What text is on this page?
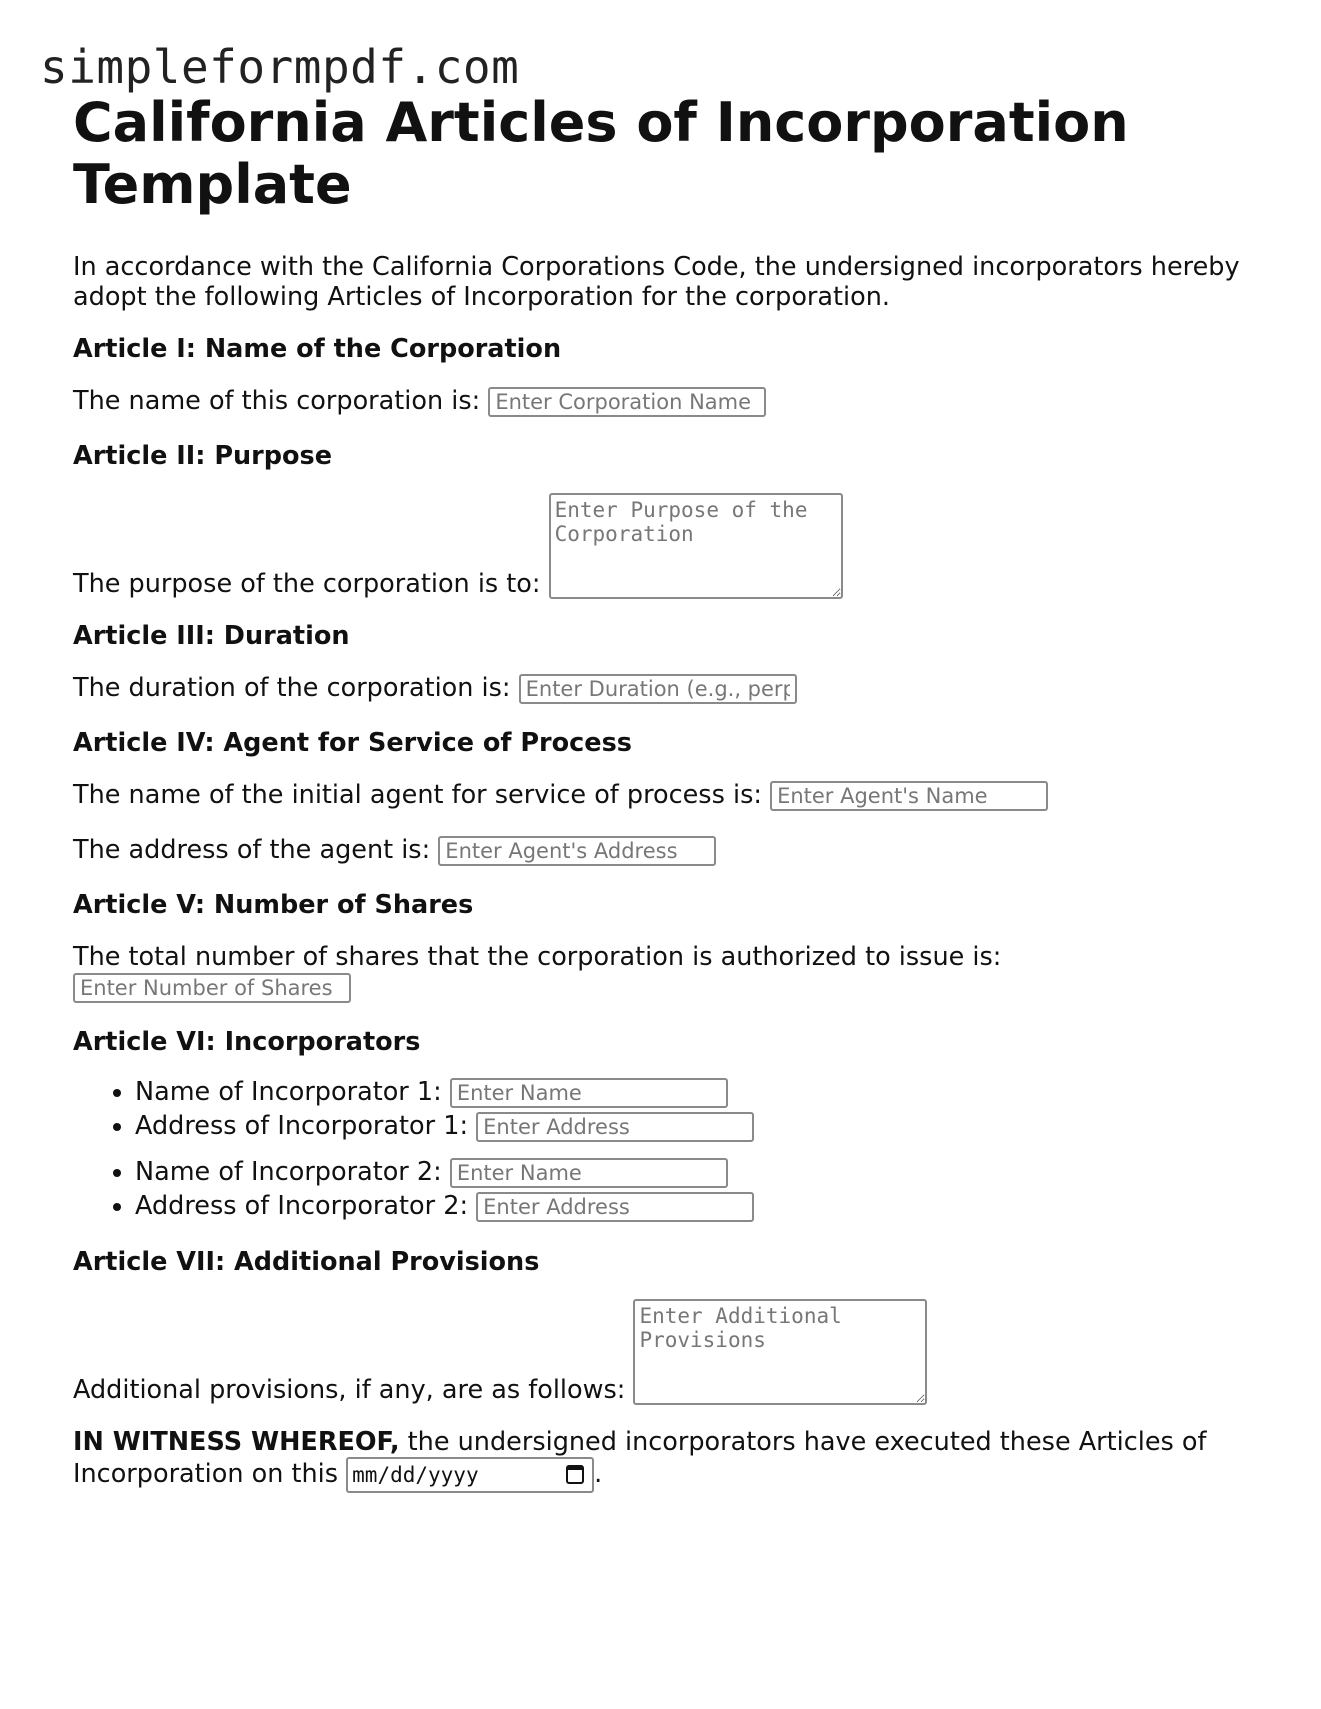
simpleformpdf.com
California Articles of Incorporation Template

In accordance with the California Corporations Code, the undersigned incorporators hereby adopt the following Articles of Incorporation for the corporation.

Article I: Name of the Corporation

The name of this corporation is: Enter Corporation Name

Article II: Purpose

The purpose of the corporation is to: Enter Purpose of the Corporation

Article III: Duration

The duration of the corporation is: Enter Duration (e.g., perpetual)

Article IV: Agent for Service of Process

The name of the initial agent for service of process is: Enter Agent's Name

The address of the agent is: Enter Agent's Address

Article V: Number of Shares

The total number of shares that the corporation is authorized to issue is:
Enter Number of Shares

Article VI: Incorporators
• Name of Incorporator 1: Enter Name
• Address of Incorporator 1: Enter Address
• Name of Incorporator 2: Enter Name
• Address of Incorporator 2: Enter Address
Article VII: Additional Provisions

Additional provisions, if any, are as follows: Enter Additional Provisions

IN WITNESS WHEREOF, the undersigned incorporators have executed these Articles of Incorporation on this mm/dd/yyyy	.
